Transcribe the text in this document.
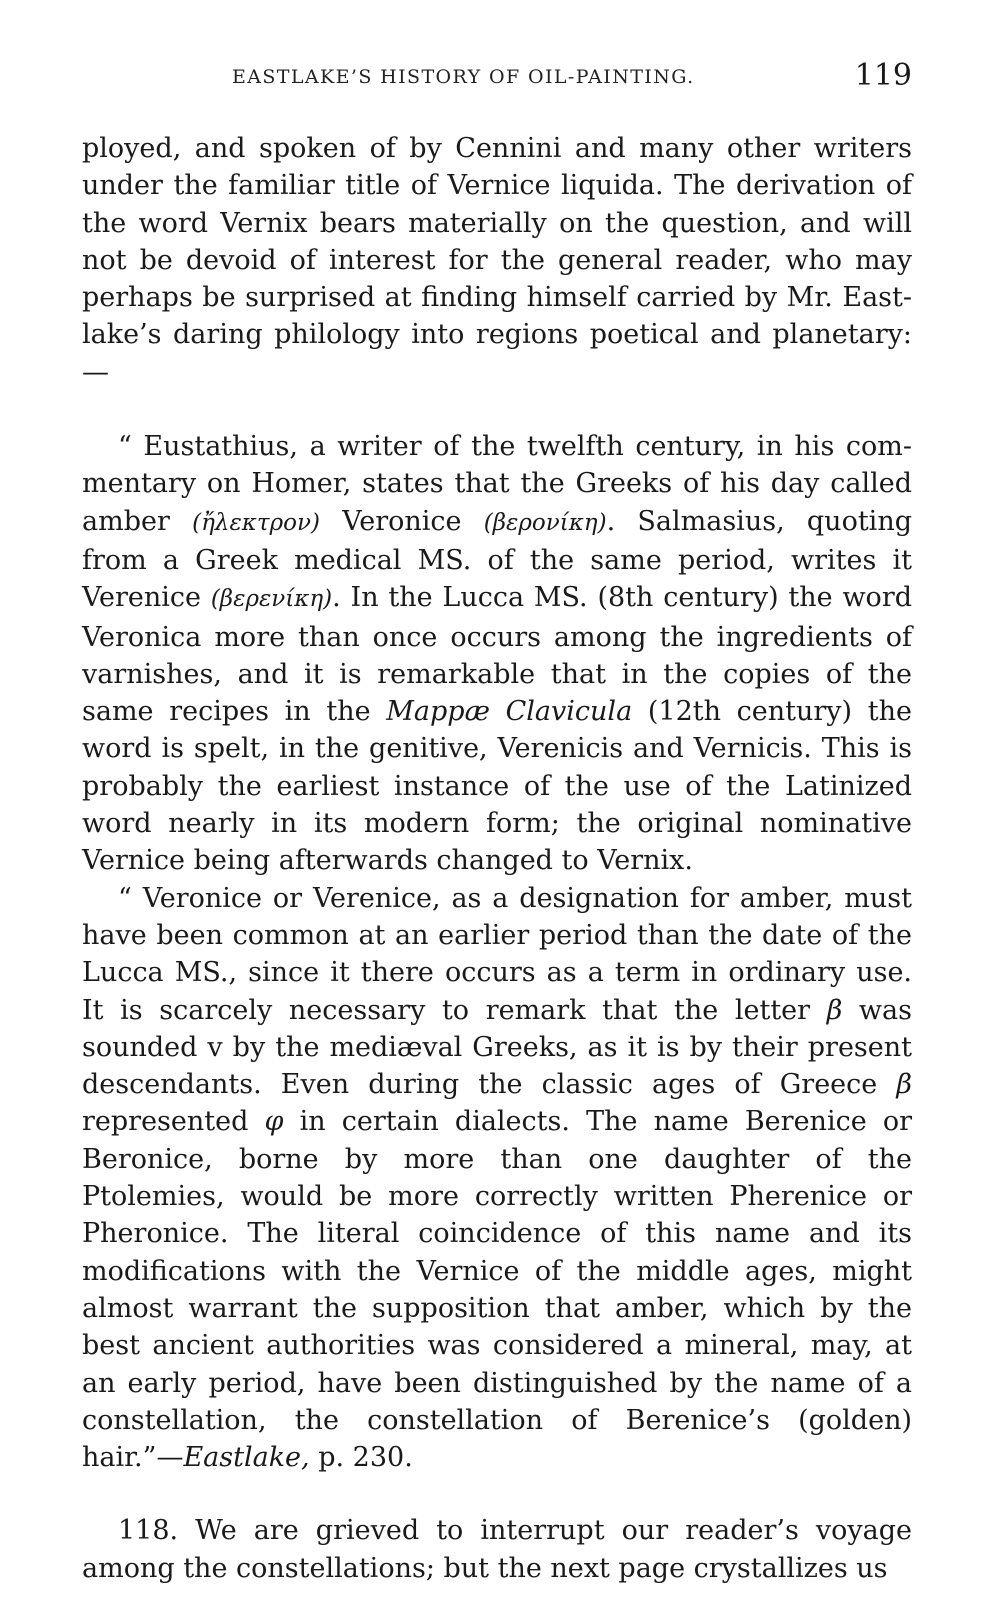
EASTLAKE’S HISTORY OF OIL-PAINTING.	119

ployed, and spoken of by Cennini and many other writers under the familiar title of Vernice liquida. The derivation of the word Vernix bears materially on the question, and will not be devoid of interest for the general reader, who may perhaps be surprised at finding himself carried by Mr. Eastlake’s daring philology into regions poetical and planetary:—

“ Eustathius, a writer of the twelfth century, in his commentary on Homer, states that the Greeks of his day called amber (ἤλεκτρον) Veronice (βερονίκη). Salmasius, quoting from a Greek medical MS. of the same period, writes it Verenice (βερενίκη). In the Lucca MS. (8th century) the word Veronica more than once occurs among the ingredients of varnishes, and it is remarkable that in the copies of the same recipes in the Mappæ Clavicula (12th century) the word is spelt, in the genitive, Verenicis and Vernicis. This is probably the earliest instance of the use of the Latinized word nearly in its modern form; the original nominative Vernice being afterwards changed to Vernix.

“ Veronice or Verenice, as a designation for amber, must have been common at an earlier period than the date of the Lucca MS., since it there occurs as a term in ordinary use. It is scarcely necessary to remark that the letter β was sounded v by the mediæval Greeks, as it is by their present descendants. Even during the classic ages of Greece β represented φ in certain dialects. The name Berenice or Beronice, borne by more than one daughter of the Ptolemies, would be more correctly written Pherenice or Pheronice. The literal coincidence of this name and its modifications with the Vernice of the middle ages, might almost warrant the supposition that amber, which by the best ancient authorities was considered a mineral, may, at an early period, have been distinguished by the name of a constellation, the constellation of Berenice’s (golden) hair.”—Eastlake, p. 230.

118. We are grieved to interrupt our reader’s voyage among the constellations; but the next page crystallizes us
